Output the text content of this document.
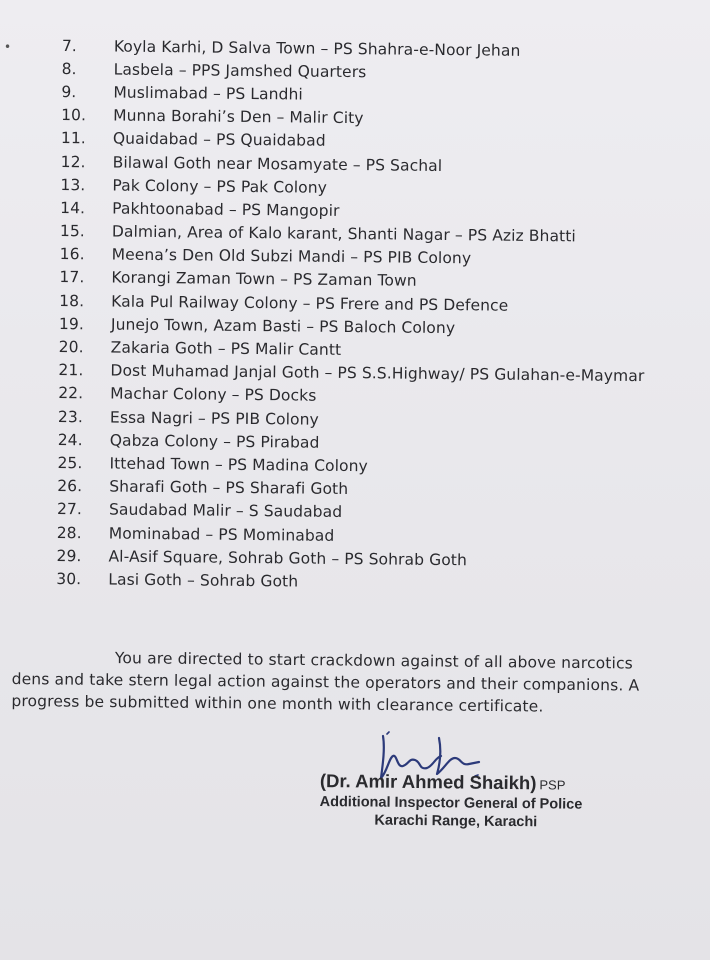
•	7.	Koyla Karhi, D Salva Town – PS Shahra-e-Noor Jehan
8.	Lasbela – PPS Jamshed Quarters
9.	Muslimabad – PS Landhi
10.	Munna Borahi’s Den – Malir City
11.	Quaidabad – PS Quaidabad
12.	Bilawal Goth near Mosamyate – PS Sachal
13.	Pak Colony – PS Pak Colony
14.	Pakhtoonabad – PS Mangopir
15.	Dalmian, Area of Kalo karant, Shanti Nagar – PS Aziz Bhatti
16.	Meena’s Den Old Subzi Mandi – PS PIB Colony
17.	Korangi Zaman Town – PS Zaman Town
18.	Kala Pul Railway Colony – PS Frere and PS Defence
19.	Junejo Town, Azam Basti – PS Baloch Colony
20.	Zakaria Goth – PS Malir Cantt
21.	Dost Muhamad Janjal Goth – PS S.S.Highway/ PS Gulahan-e-Maymar
22.	Machar Colony – PS Docks
23.	Essa Nagri – PS PIB Colony
24.	Qabza Colony – PS Pirabad
25.	Ittehad Town – PS Madina Colony
26.	Sharafi Goth – PS Sharafi Goth
27.	Saudabad Malir – S Saudabad
28.	Mominabad – PS Mominabad
29.	Al-Asif Square, Sohrab Goth – PS Sohrab Goth
30.	Lasi Goth – Sohrab Goth
You are directed to start crackdown against of all above narcotics
dens and take stern legal action against the operators and their companions. A
progress be submitted within one month with clearance certificate.
(Dr. Amir Ahmed Shaikh) PSP
Additional Inspector General of Police
Karachi Range, Karachi
